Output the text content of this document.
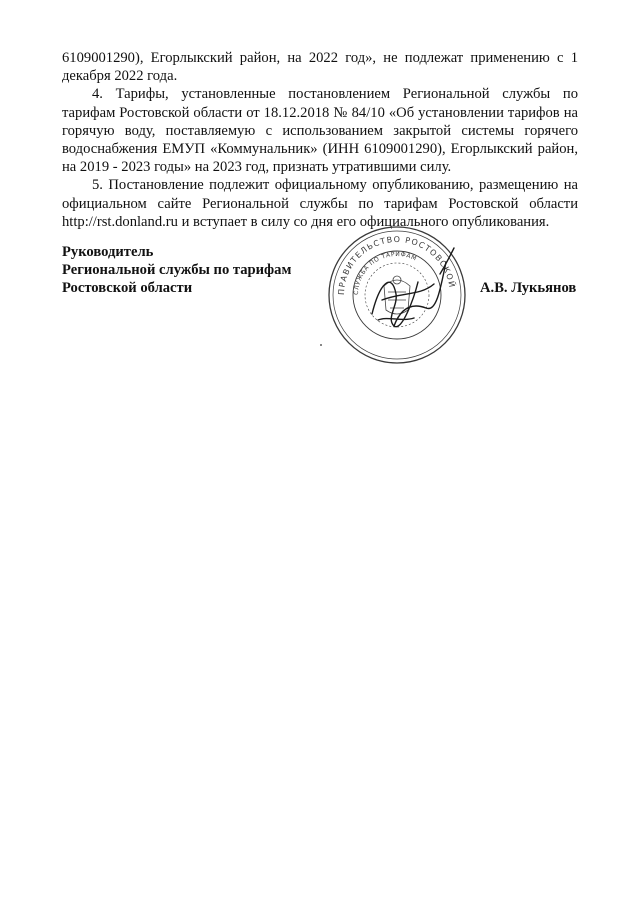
6109001290), Егорлыкский район, на 2022 год», не подлежат применению с 1 декабря 2022 года.

4. Тарифы, установленные постановлением Региональной службы по тарифам Ростовской области от 18.12.2018 № 84/10 «Об установлении тарифов на горячую воду, поставляемую с использованием закрытой системы горячего водоснабжения ЕМУП «Коммунальник» (ИНН 6109001290), Егорлыкский район, на 2019 - 2023 годы» на 2023 год, признать утратившими силу.

5. Постановление подлежит официальному опубликованию, размещению на официальном сайте Региональной службы по тарифам Ростовской области http://rst.donland.ru и вступает в силу со дня его официального опубликования.

Руководитель
Региональной службы по тарифам
Ростовской области	А.В. Лукьянов
ПРАВИТЕЛЬСТВО РОСТОВСКОЙ
СЛУЖБА ПО ТАРИФАМ
